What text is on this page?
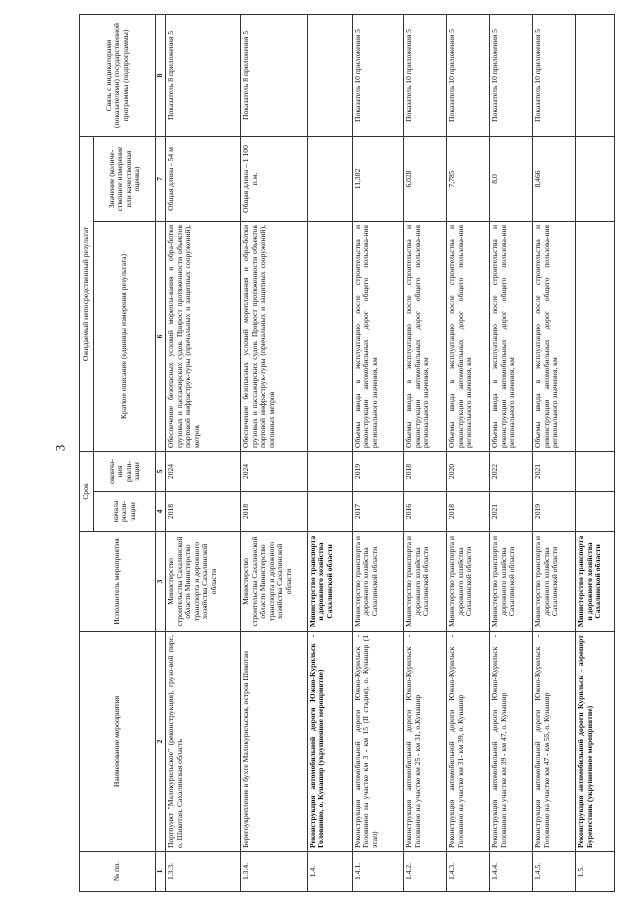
3
№ пп.	Наименование мероприятия	Исполнитель мероприятия	Срок		Ожидаемый непосредственный результат		Связь с индикаторами (показателями) государственной программы (подпрограммы)
			начала реали-зации	оконча-ния реали-зации	Краткое описание (единицы измерения результата)	Значение (количе-ственное измерение или качественная оценка)	
1	2	3	4	5	6	7	8
1.3.3.	Портпункт "Малокурильское" (реконструкция), грузо-вой пирс, о. Шикотан, Сахалинская область	Министерство строительства Сахалинской области Министерство транспорта и дорожного хозяйства Сахалинской области	2018	2024	Обеспечение безопасных условий морепла-вания и обра-ботки грузовых и пассажирских судов. Прирост протяженности объектов портовой инфраструк-туры (причальных и защитных сооружений), метров	Общая длина - 54 м	Показатель 8 приложения 5
1.3.4.	Берегоукрепление в бухте Малокурильская, остров Шикотан	Министерство строительства Сахалинской области Министерство транспорта и дорожного хозяйства Сахалинской области	2018	2024	Обеспечение безопасных условий мореплавания и обра-ботки грузовых и пассажирских судов. Прирост протяженности объектов портовой инфраструк-туры (причальных и защитных сооружений), погонных метров	Общая длина – 1 100 п.м.	Показатель 8 приложения 5
1.4.	Реконструкция автомобильной дороги Южно-Курильск - Головнино, о. Кунашир (укрупненное мероприятие)	Министерство транспорта и дорожного хозяйства Сахалинской области					
1.4.1.	Реконструкция автомобильной дороги Южно-Курильск - Головнино на участке км 3 - км 15 (II стадия), о. Кунашир (1 этап)	Министерство транспорта и дорожного хозяйства Сахалинской области	2017	2019	Объемы ввода в эксплуатацию после строительства и реконструкции автомобильных дорог общего пользова-ния регионального значения, км	11,382	Показатель 10 приложения 5
1.4.2.	Реконструкция автомобильной дороги Южно-Курильск - Головнино на участке км 25 - км 31, о.Кунашир	Министерство транспорта и дорожного хозяйства Сахалинской области	2016	2018	Объемы ввода в эксплуатацию после строительства и реконструкции автомобильных дорог общего пользова-ния регионального значения, км	6,028	Показатель 10 приложения 5
1.4.3.	Реконструкция автомобильной дороги Южно-Курильск - Головнино на участке км 31- км 39, о. Кунашир	Министерство транспорта и дорожного хозяйства Сахалинской области	2018	2020	Объемы ввода в эксплуатацию после строительства и реконструкции автомобильных дорог общего пользова-ния регионального значения, км	7,785	Показатель 10 приложения 5
1.4.4.	Реконструкция автомобильной дороги Южно-Курильск - Головнино на участке км 39 - км 47, о. Кунашир	Министерство транспорта и дорожного хозяйства Сахалинской области	2021	2022	Объемы ввода в эксплуатацию после строительства и реконструкции автомобильных дорог общего пользова-ния регионального значения, км	8,0	Показатель 10 приложения 5
1.4.5.	Реконструкция автомобильной дороги Южно-Курильск - Головнино на участке км 47 - км 55, о. Кунашир	Министерство транспорта и дорожного хозяйства Сахалинской области	2019	2021	Объемы ввода в эксплуатацию после строительства и реконструкции автомобильных дорог общего пользова-ния регионального значения, км	8,466	Показатель 10 приложения 5
1.5.	Реконструкция автомобильной дороги Курильск - аэропорт Буревестник (укрупненное мероприятие)	Министерство транспорта и дорожного хозяйства Сахалинской области					
